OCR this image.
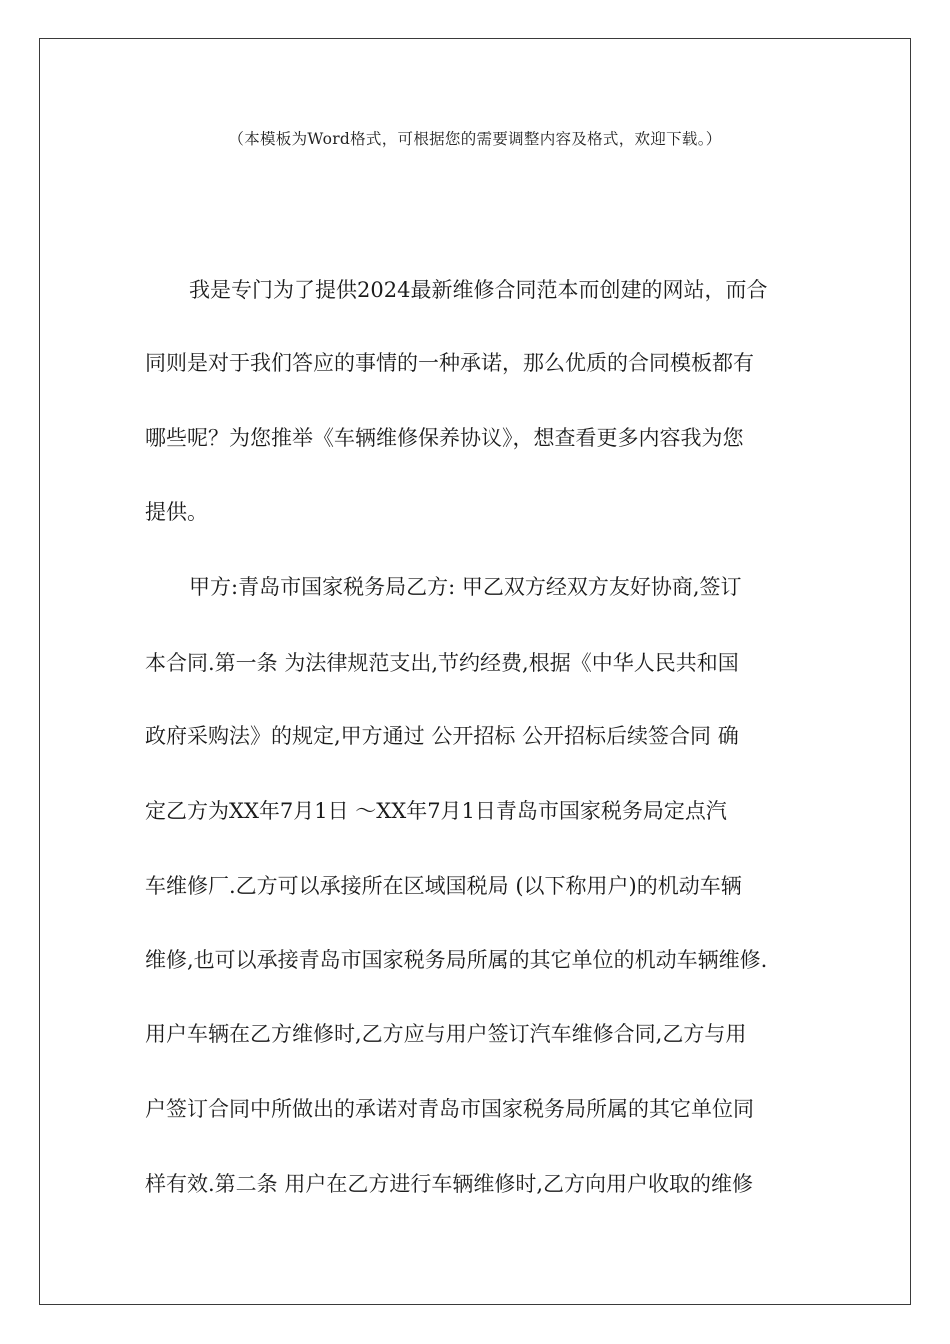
（本模板为Word格式，可根据您的需要调整内容及格式，欢迎下载。）
我是专门为了提供2024最新维修合同范本而创建的网站，而合
同则是对于我们答应的事情的一种承诺，那么优质的合同模板都有
哪些呢？为您推举《车辆维修保养协议》，想查看更多内容我为您
提供。
甲方:青岛市国家税务局乙方: 甲乙双方经双方友好协商,签订
本合同.第一条 为法律规范支出,节约经费,根据《中华人民共和国
政府采购法》的规定,甲方通过 公开招标 公开招标后续签合同 确
定乙方为XX年7月1日 ～XX年7月1日青岛市国家税务局定点汽
车维修厂.乙方可以承接所在区域国税局 (以下称用户)的机动车辆
维修,也可以承接青岛市国家税务局所属的其它单位的机动车辆维修.
用户车辆在乙方维修时,乙方应与用户签订汽车维修合同,乙方与用
户签订合同中所做出的承诺对青岛市国家税务局所属的其它单位同
样有效.第二条 用户在乙方进行车辆维修时,乙方向用户收取的维修
